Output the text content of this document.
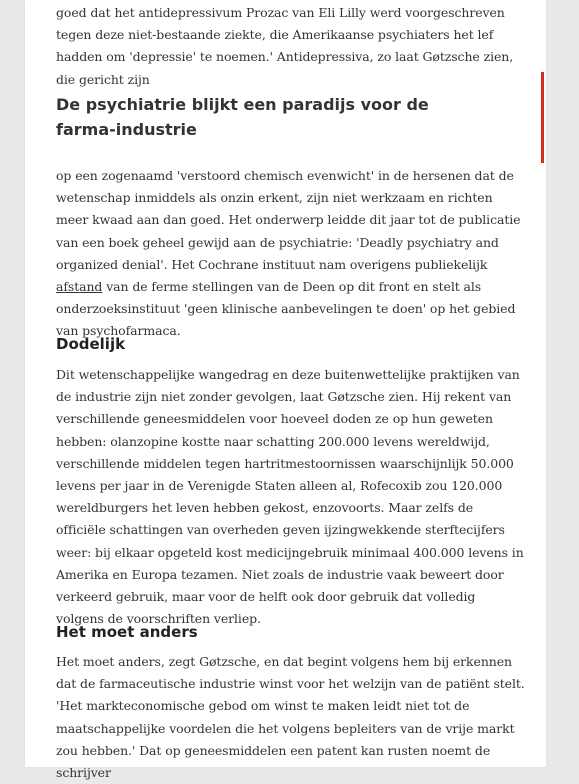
goed dat het antidepressivum Prozac van Eli Lilly werd voorgeschreven tegen deze niet-bestaande ziekte, die Amerikaanse psychiaters het lef hadden om 'depressie' te noemen.' Antidepressiva, zo laat Gøtzsche zien, die gericht zijn

De psychiatrie blijkt een paradijs voor de farma-industrie

op een zogenaamd 'verstoord chemisch evenwicht' in de hersenen dat de wetenschap inmiddels als onzin erkent, zijn niet werkzaam en richten meer kwaad aan dan goed. Het onderwerp leidde dit jaar tot de publicatie van een boek geheel gewijd aan de psychiatrie: 'Deadly psychiatry and organized denial'. Het Cochrane instituut nam overigens publiekelijk afstand van de ferme stellingen van de Deen op dit front en stelt als onderzoeksinstituut 'geen klinische aanbevelingen te doen' op het gebied van psychofarmaca.

Dodelijk

Dit wetenschappelijke wangedrag en deze buitenwettelijke praktijken van de industrie zijn niet zonder gevolgen, laat Gøtzsche zien. Hij rekent van verschillende geneesmiddelen voor hoeveel doden ze op hun geweten hebben: olanzopine kostte naar schatting 200.000 levens wereldwijd, verschillende middelen tegen hartritmestoornissen waarschijnlijk 50.000 levens per jaar in de Verenigde Staten alleen al, Rofecoxib zou 120.000 wereldburgers het leven hebben gekost, enzovoorts. Maar zelfs de officiële schattingen van overheden geven ijzingwekkende sterftecijfers weer: bij elkaar opgeteld kost medicijngebruik minimaal 400.000 levens in Amerika en Europa tezamen. Niet zoals de industrie vaak beweert door verkeerd gebruik, maar voor de helft ook door gebruik dat volledig volgens de voorschriften verliep.

Het moet anders

Het moet anders, zegt Gøtzsche, en dat begint volgens hem bij erkennen dat de farmaceutische industrie winst voor het welzijn van de patiënt stelt. 'Het markteconomische gebod om winst te maken leidt niet tot de maatschappelijke voordelen die het volgens bepleiters van de vrije markt zou hebben.' Dat op geneesmiddelen een patent kan rusten noemt de schrijver
